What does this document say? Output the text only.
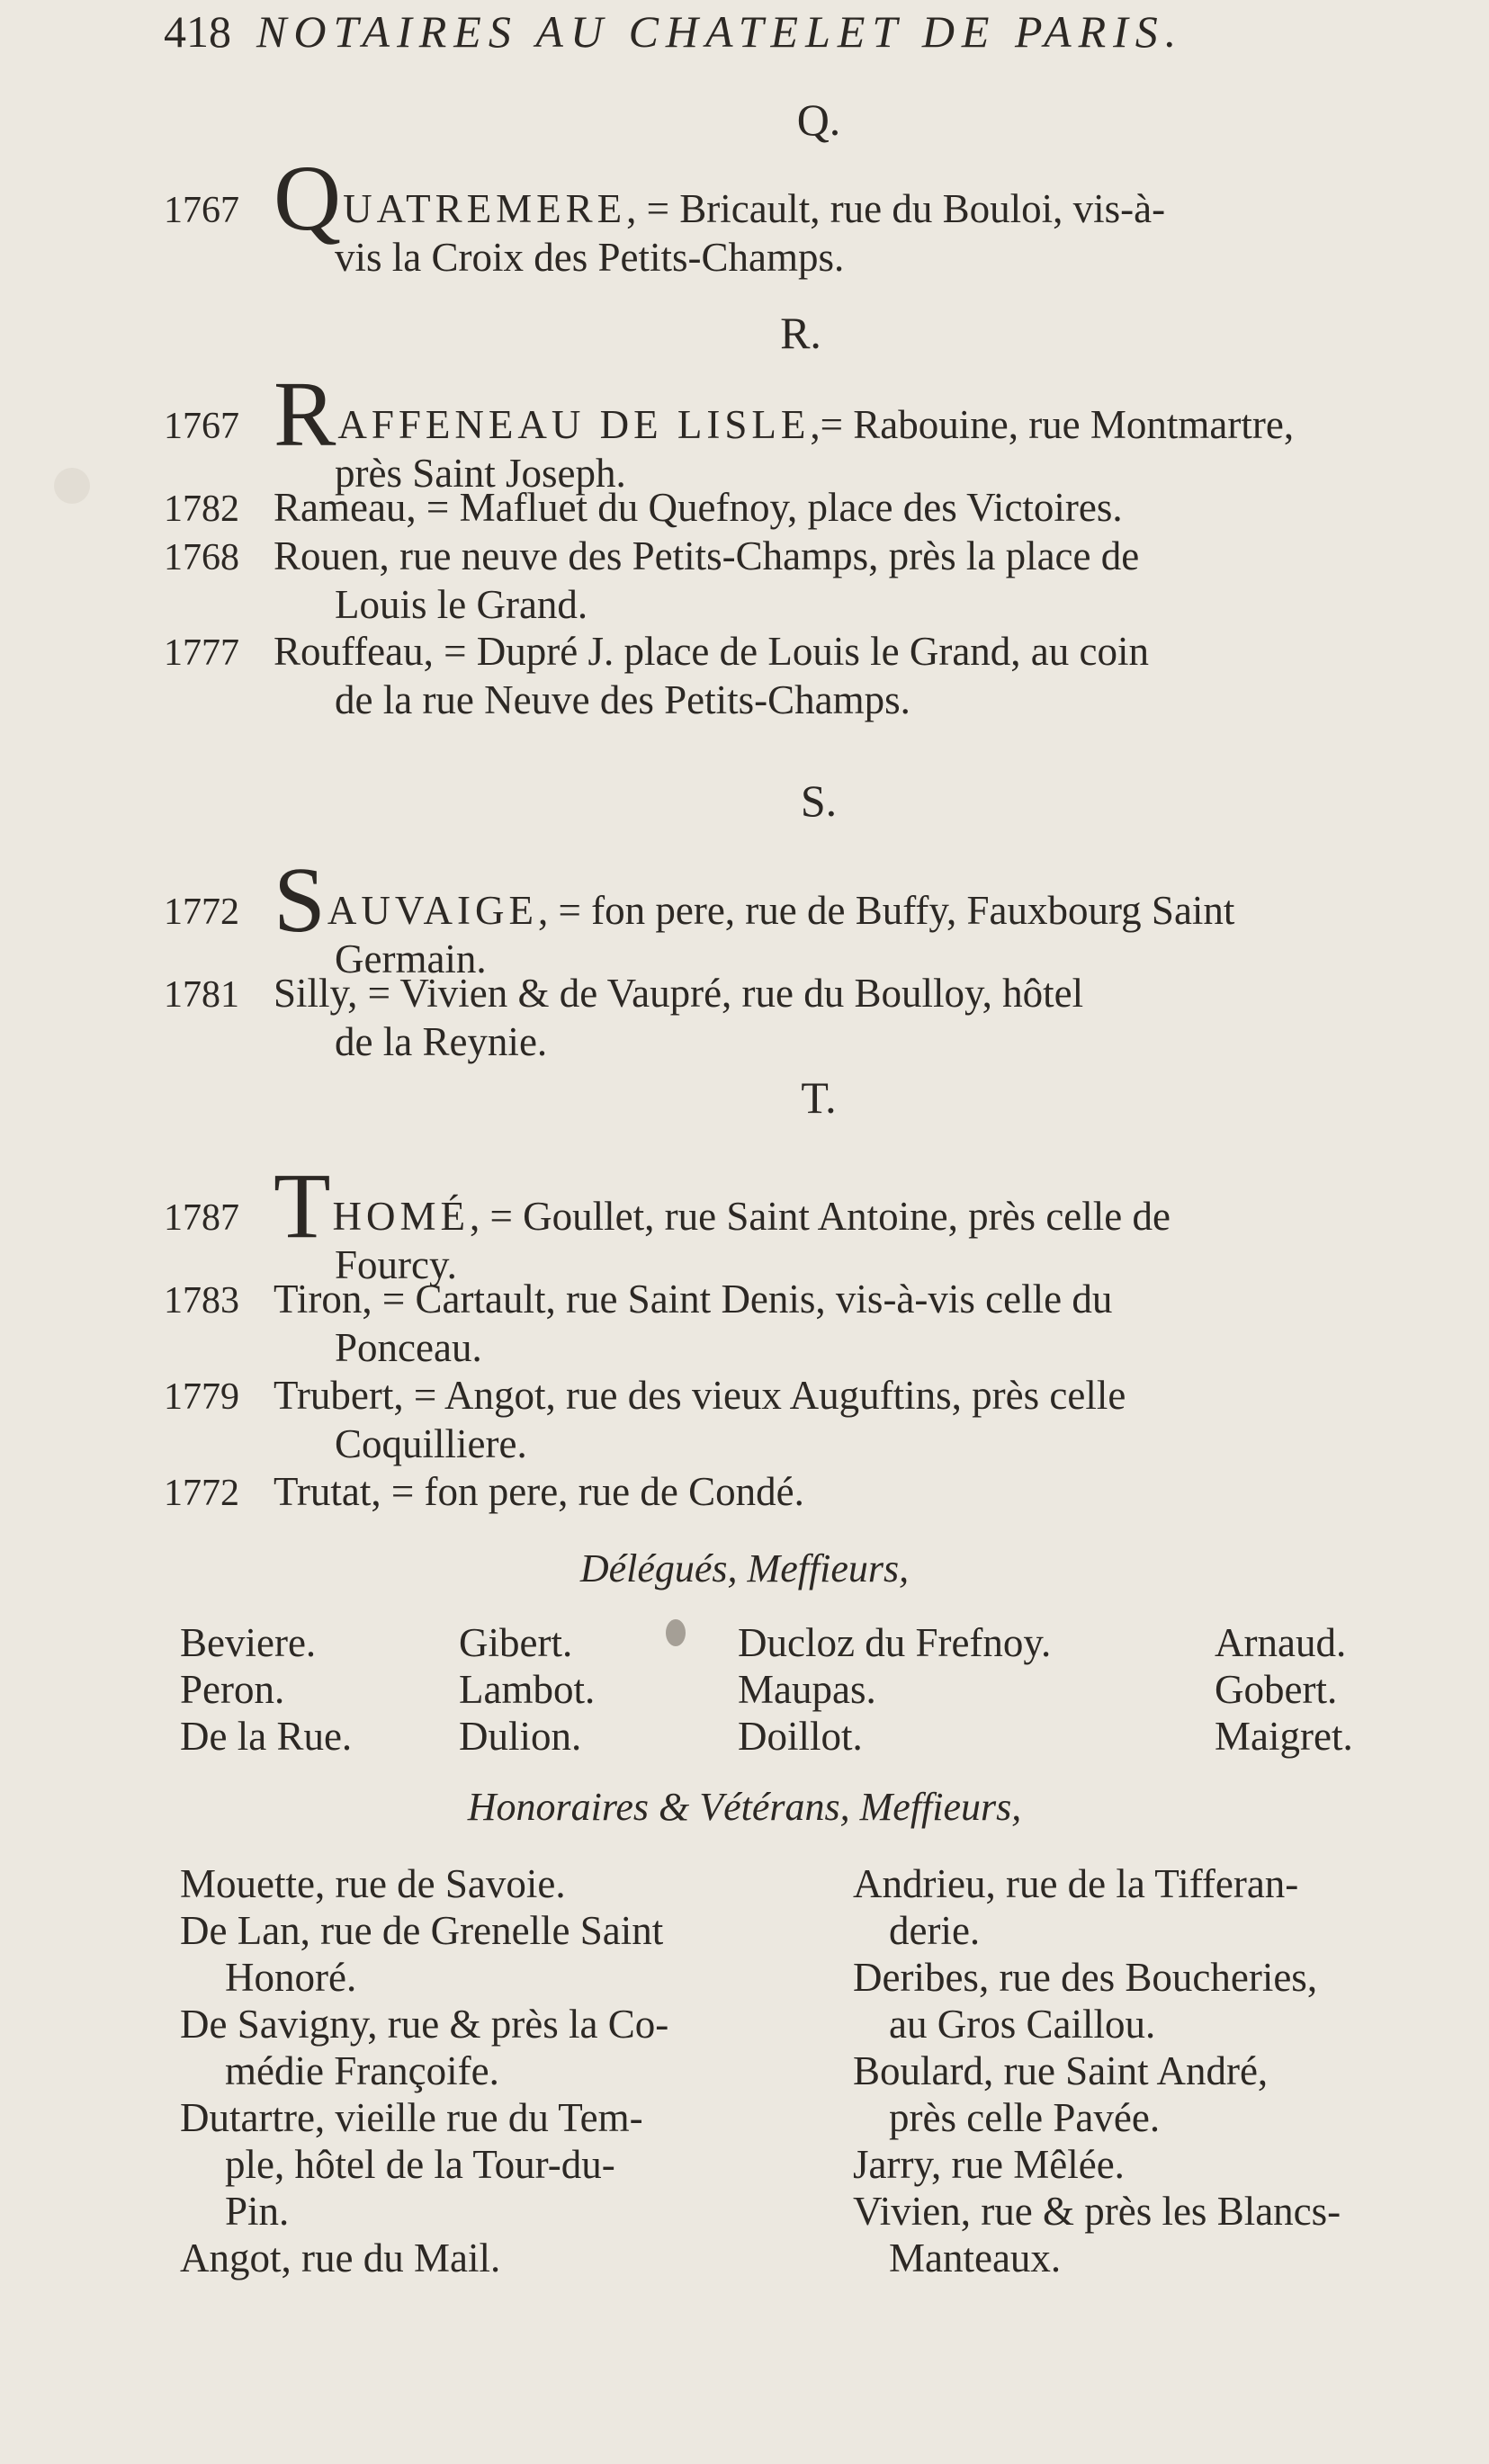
418 NOTAIRES AU CHATELET DE PARIS.
Q.
1767 QUATREMERE, = Bricault, rue du Bouloi, vis-à-
vis la Croix des Petits-Champs.
R.
1767 RAFFENEAU DE LISLE,= Rabouine, rue Montmartre,
près Saint Joseph.
1782 Rameau, = Mafluet du Quefnoy, place des Victoires.
1768 Rouen, rue neuve des Petits-Champs, près la place de
Louis le Grand.
1777 Rouffeau, = Dupré J. place de Louis le Grand, au coin
de la rue Neuve des Petits-Champs.
S.
1772 SAUVAIGE, = fon pere, rue de Buffy, Fauxbourg Saint
Germain.
1781 Silly, = Vivien & de Vaupré, rue du Boulloy, hôtel
de la Reynie.
T.
1787 THOMÉ, = Goullet, rue Saint Antoine, près celle de
Fourcy.
1783 Tiron, = Cartault, rue Saint Denis, vis-à-vis celle du
Ponceau.
1779 Trubert, = Angot, rue des vieux Auguftins, près celle
Coquilliere.
1772 Trutat, = fon pere, rue de Condé.
Délégués, Meffieurs,
Beviere.	Gibert.	Ducloz du Frefnoy.	Arnaud.
Peron.	Lambot.	Maupas.	Gobert.
De la Rue.	Dulion.	Doillot.	Maigret.
Honoraires & Vétérans, Meffieurs,
Mouette, rue de Savoie.
De Lan, rue de Grenelle Saint
Honoré.
De Savigny, rue & près la Co-
médie Françoife.
Dutartre, vieille rue du Tem-
ple, hôtel de la Tour-du-
Pin.
Angot, rue du Mail.
Andrieu, rue de la Tifferan-
derie.
Deribes, rue des Boucheries,
au Gros Caillou.
Boulard, rue Saint André,
près celle Pavée.
Jarry, rue Mêlée.
Vivien, rue & près les Blancs-
Manteaux.
